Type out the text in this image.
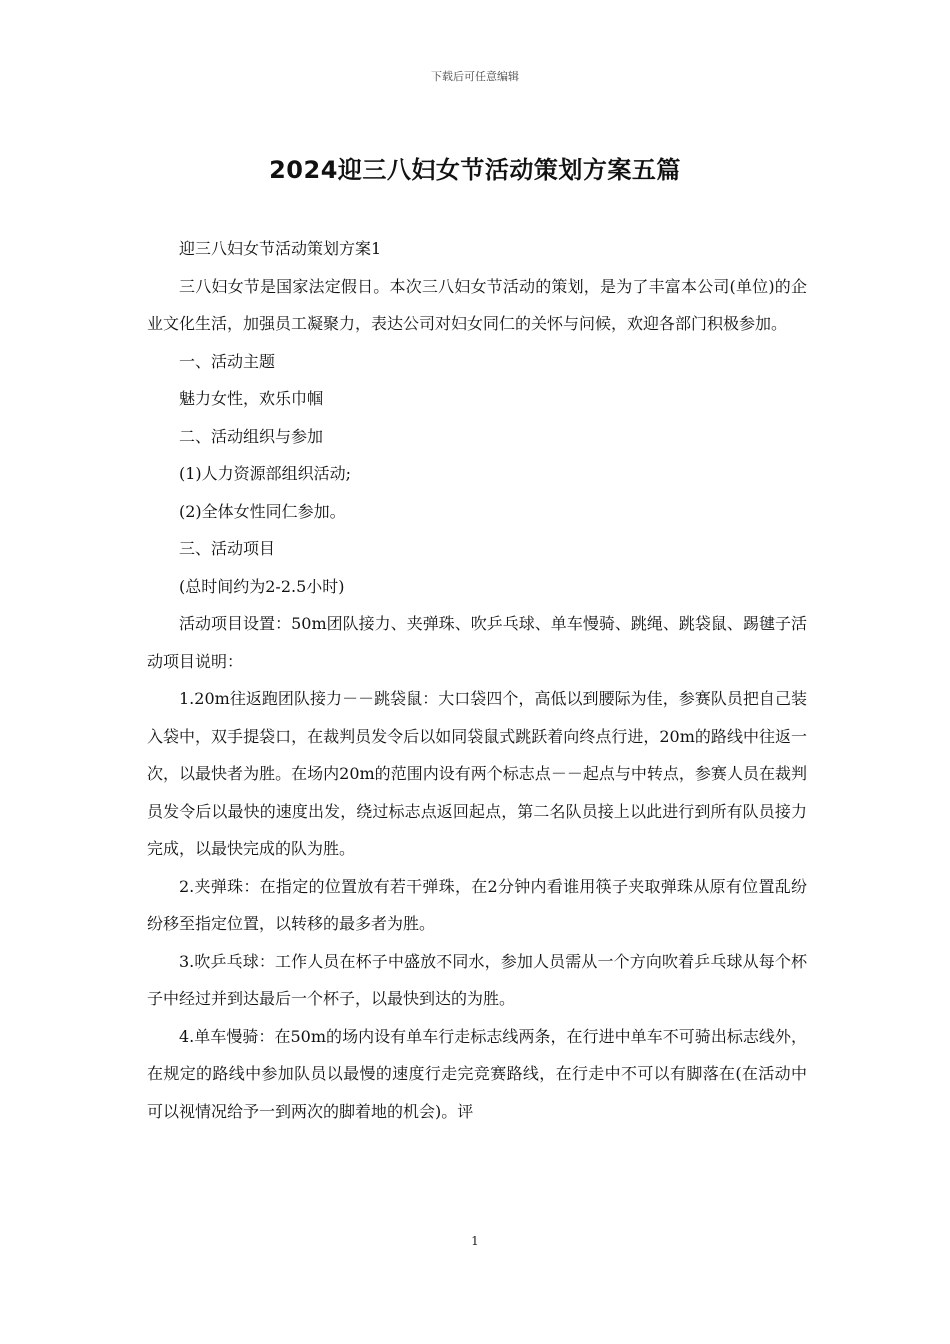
下载后可任意编辑
2024迎三八妇女节活动策划方案五篇

迎三八妇女节活动策划方案1

三八妇女节是国家法定假日。本次三八妇女节活动的策划，是为了丰富本公司(单位)的企业文化生活，加强员工凝聚力，表达公司对妇女同仁的关怀与问候，欢迎各部门积极参加。

一、活动主题

魅力女性，欢乐巾帼

二、活动组织与参加

(1)人力资源部组织活动;

(2)全体女性同仁参加。

三、活动项目

(总时间约为2-2.5小时)

活动项目设置：50m团队接力、夹弹珠、吹乒乓球、单车慢骑、跳绳、跳袋鼠、踢毽子活动项目说明：

1.20m往返跑团队接力－－跳袋鼠：大口袋四个，高低以到腰际为佳，参赛队员把自己装入袋中，双手提袋口，在裁判员发令后以如同袋鼠式跳跃着向终点行进，20m的路线中往返一次，以最快者为胜。在场内20m的范围内设有两个标志点－－起点与中转点，参赛人员在裁判员发令后以最快的速度出发，绕过标志点返回起点，第二名队员接上以此进行到所有队员接力完成，以最快完成的队为胜。

2.夹弹珠：在指定的位置放有若干弹珠，在2分钟内看谁用筷子夹取弹珠从原有位置乱纷纷移至指定位置，以转移的最多者为胜。

3.吹乒乓球：工作人员在杯子中盛放不同水，参加人员需从一个方向吹着乒乓球从每个杯子中经过并到达最后一个杯子，以最快到达的为胜。

4.单车慢骑：在50m的场内设有单车行走标志线两条，在行进中单车不可骑出标志线外，在规定的路线中参加队员以最慢的速度行走完竞赛路线，在行走中不可以有脚落在(在活动中可以视情况给予一到两次的脚着地的机会)。评

1
